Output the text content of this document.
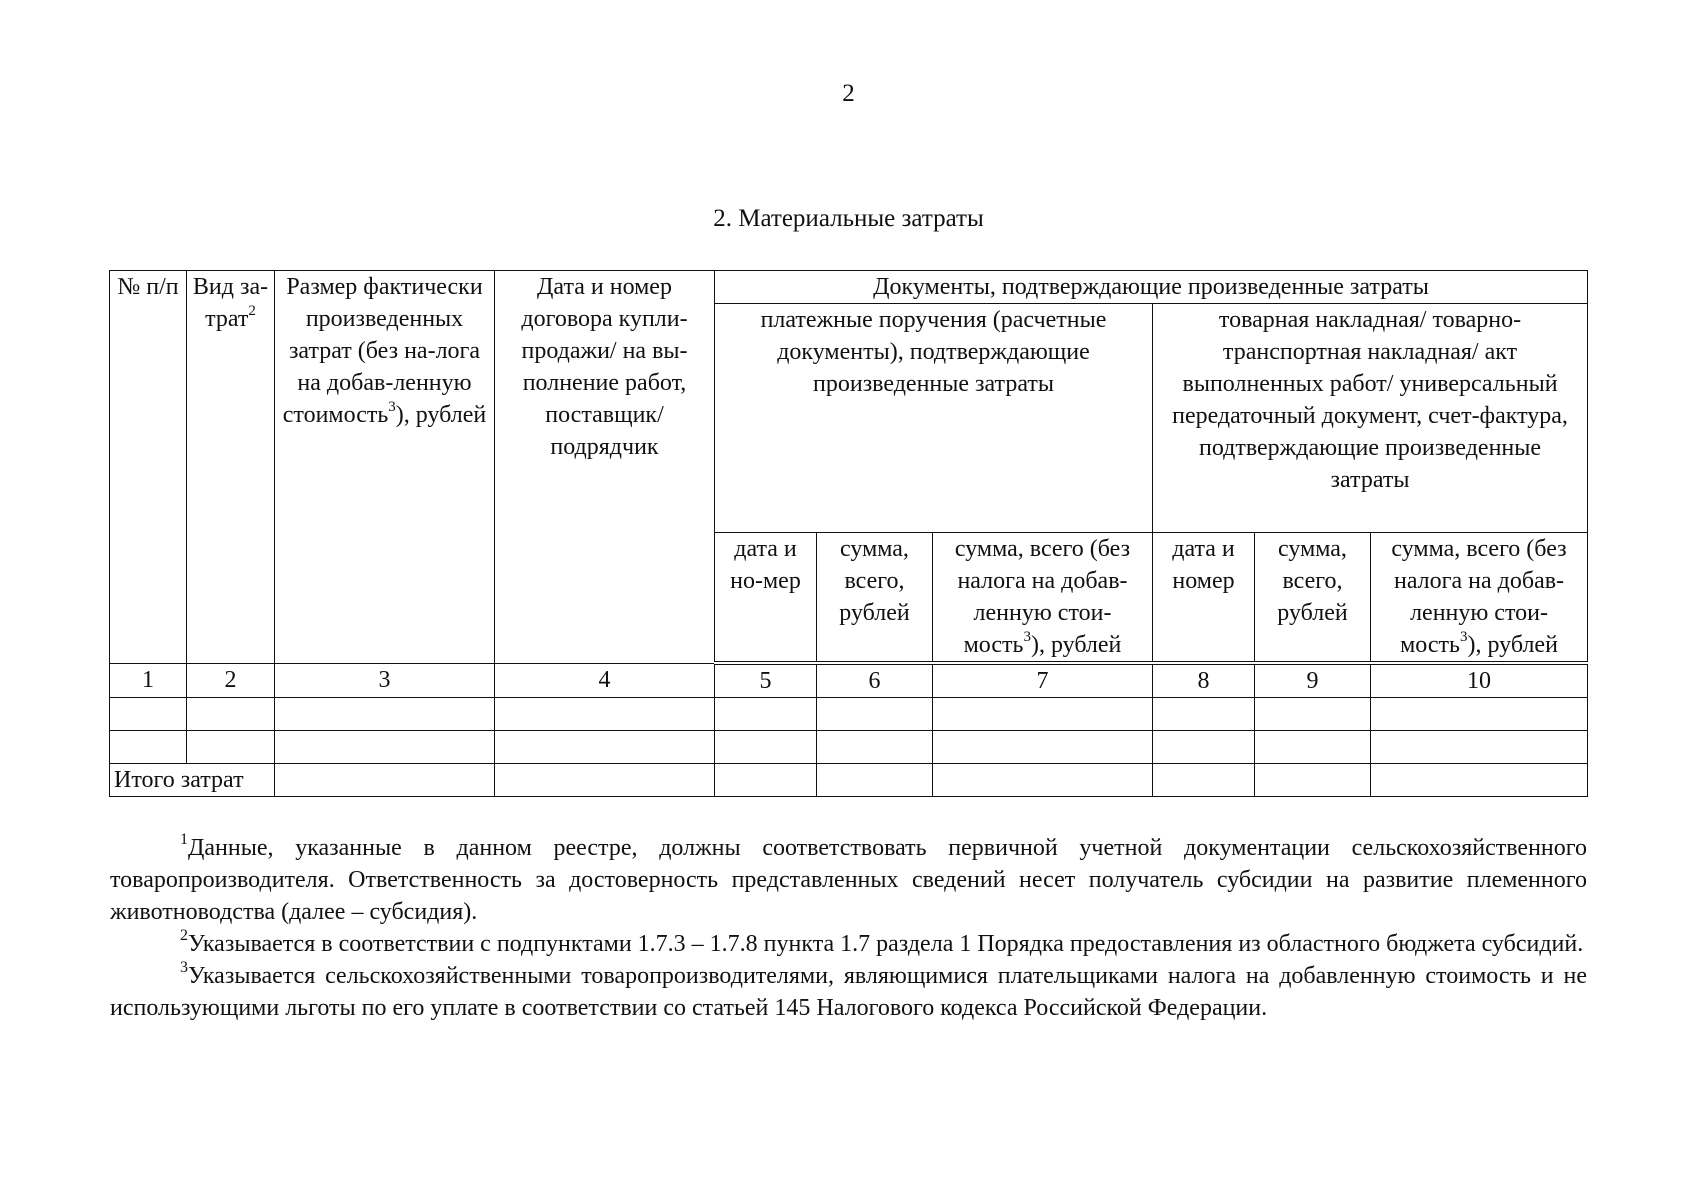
2
2. Материальные затраты
№ п/п	Вид за-трат$^2$	Размер фактически произведенных затрат (без на-лога на добав-ленную стоимость$^3$), рублей	Дата и номер договора купли-продажи/ на вы-полнение работ, поставщик/ подрядчик	Документы, подтверждающие произведенные затраты					
				платежные поручения (расчетные документы), подтверждающие произведенные затраты			товарная накладная/ товарно-транспортная накладная/ акт выполненных работ/ универсальный передаточный документ, счет-фактура, подтверждающие произведенные затраты		
				дата и но-мер	сумма, всего, рублей	сумма, всего (без налога на добав-ленную стои-мость$^3$), рублей	дата и номер	сумма, всего, рублей	сумма, всего (без налога на добав-ленную стои-мость$^3$), рублей
1	2	3	4	5	6	7	8	9	10

Итого затрат									

$^1$Данные, указанные в данном реестре, должны соответствовать первичной учетной документации сельскохозяйственного товаропроизводителя. Ответственность за достоверность представленных сведений несет получатель субсидии на развитие племенного животноводства (далее – субсидия).

$^2$Указывается в соответствии с подпунктами 1.7.3 – 1.7.8 пункта 1.7 раздела 1 Порядка предоставления из областного бюджета субсидий.

$^3$Указывается сельскохозяйственными товаропроизводителями, являющимися плательщиками налога на добавленную стоимость и не использующими льготы по его уплате в соответствии со статьей 145 Налогового кодекса Российской Федерации.
